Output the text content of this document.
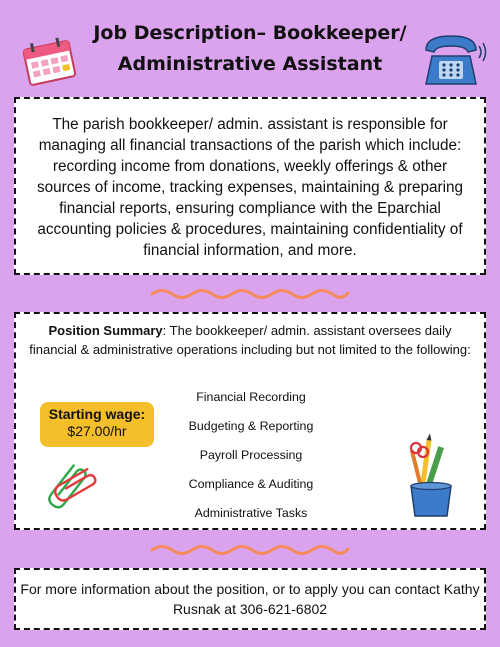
Job Description– Bookkeeper/
Administrative Assistant

The parish bookkeeper/ admin. assistant is responsible for managing all financial transactions of the parish which include: recording income from donations, weekly offerings & other sources of income, tracking expenses, maintaining & preparing financial reports, ensuring compliance with the Eparchial accounting policies & procedures, maintaining confidentiality of financial information, and more.

Position Summary: The bookkeeper/ admin. assistant oversees daily financial & administrative operations including but not limited to the following:
Starting wage:
$27.00/hr
Financial Recording
Budgeting & Reporting
Payroll Processing
Compliance & Auditing
Administrative Tasks

For more information about the position, or to apply you can contact Kathy Rusnak at 306-621-6802
